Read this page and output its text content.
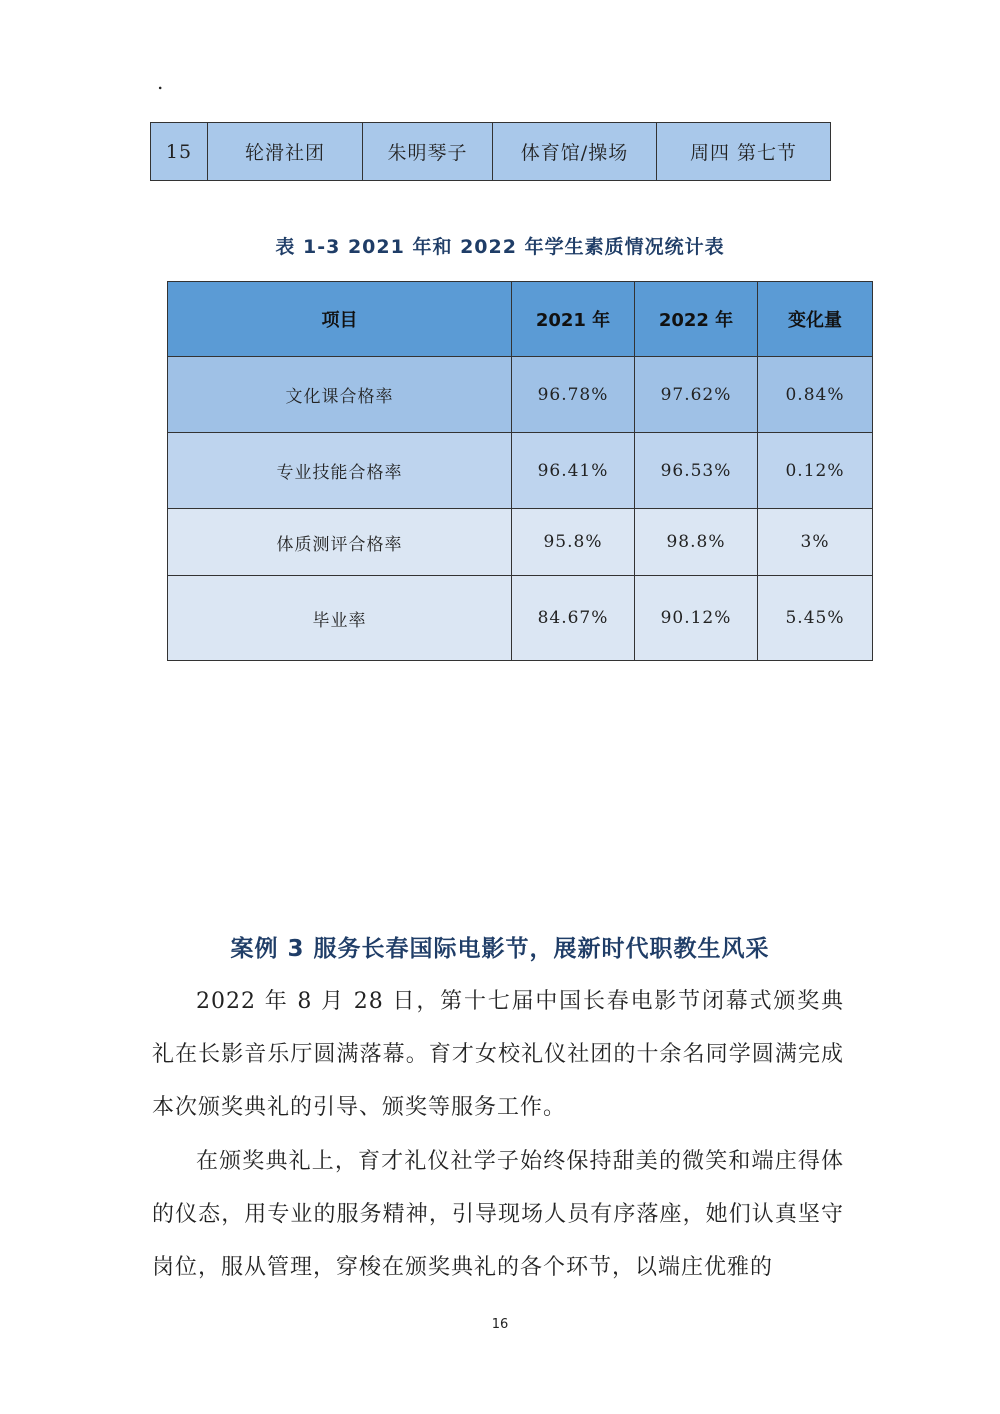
.
15	轮滑社团	朱明琴子	体育馆/操场	周四 第七节
表 1-3 2021 年和 2022 年学生素质情况统计表
项目	2021 年	2022 年	变化量
文化课合格率	96.78%	97.62%	0.84%
专业技能合格率	96.41%	96.53%	0.12%
体质测评合格率	95.8%	98.8%	3%
毕业率	84.67%	90.12%	5.45%
案例 3 服务长春国际电影节，展新时代职教生风采

2022 年 8 月 28 日，第十七届中国长春电影节闭幕式颁奖典礼在长影音乐厅圆满落幕。育才女校礼仪社团的十余名同学圆满完成本次颁奖典礼的引导、颁奖等服务工作。

在颁奖典礼上，育才礼仪社学子始终保持甜美的微笑和端庄得体的仪态，用专业的服务精神，引导现场人员有序落座，她们认真坚守岗位，服从管理，穿梭在颁奖典礼的各个环节，以端庄优雅的

16
